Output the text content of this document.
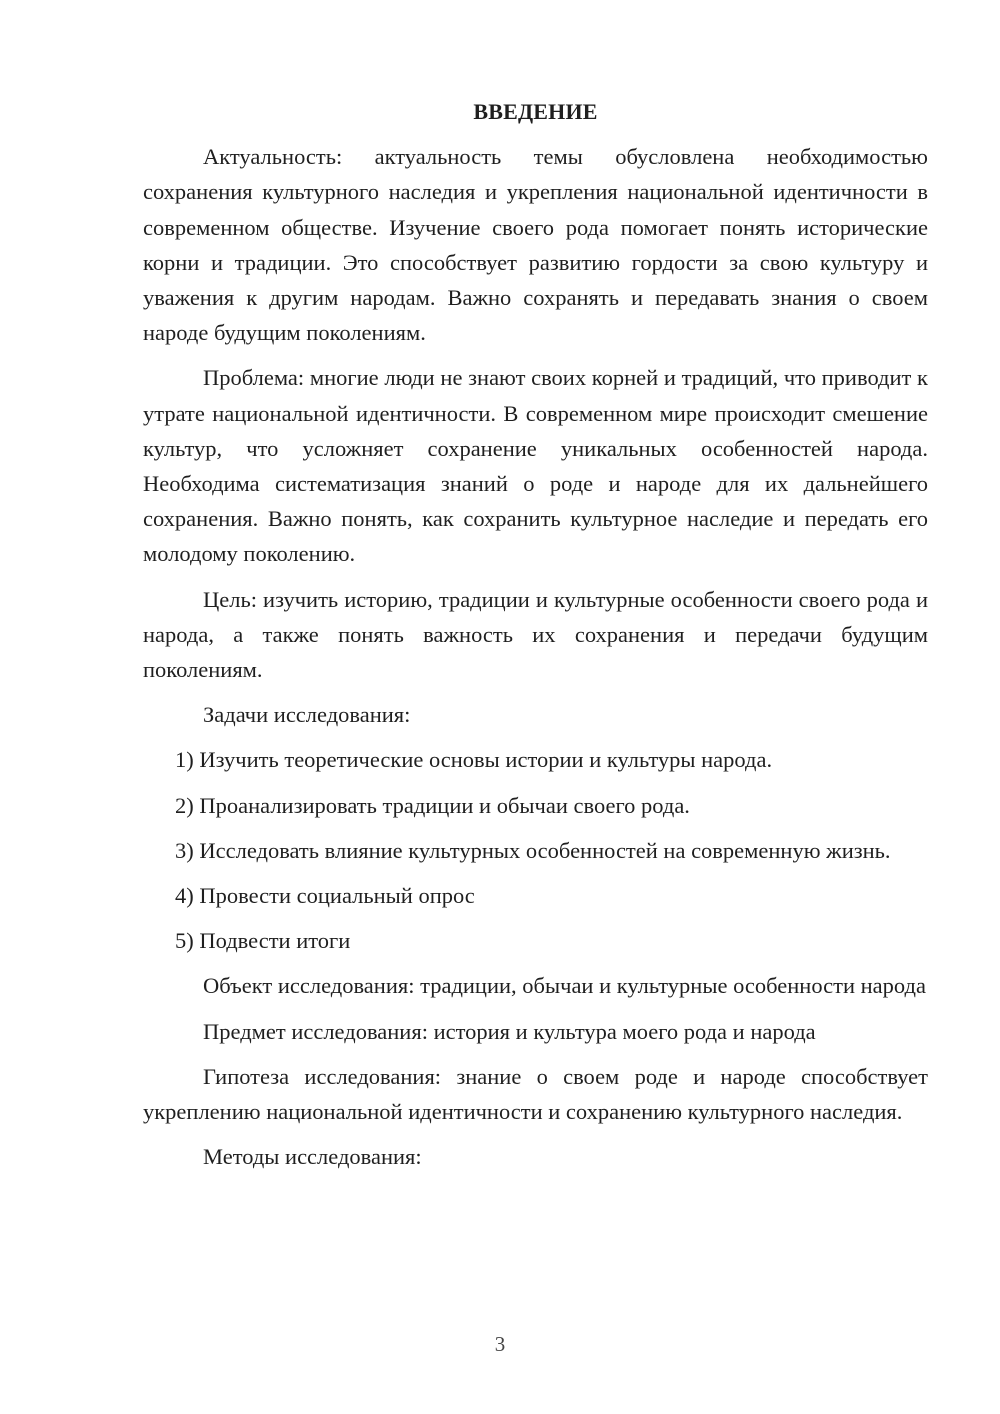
ВВЕДЕНИЕ

Актуальность: актуальность темы обусловлена необходимостью сохранения культурного наследия и укрепления национальной идентичности в современном обществе. Изучение своего рода помогает понять исторические корни и традиции. Это способствует развитию гордости за свою культуру и уважения к другим народам. Важно сохранять и передавать знания о своем народе будущим поколениям.

Проблема: многие люди не знают своих корней и традиций, что приводит к утрате национальной идентичности. В современном мире происходит смешение культур, что усложняет сохранение уникальных особенностей народа. Необходима систематизация знаний о роде и народе для их дальнейшего сохранения. Важно понять, как сохранить культурное наследие и передать его молодому поколению.

Цель: изучить историю, традиции и культурные особенности своего рода и народа, а также понять важность их сохранения и передачи будущим поколениям.

Задачи исследования:

1) Изучить теоретические основы истории и культуры народа.

2) Проанализировать традиции и обычаи своего рода.

3) Исследовать влияние культурных особенностей на современную жизнь.

4) Провести социальный опрос

5) Подвести итоги

Объект исследования: традиции, обычаи и культурные особенности народа

Предмет исследования: история и культура моего рода и народа

Гипотеза исследования: знание о своем роде и народе способствует укреплению национальной идентичности и сохранению культурного наследия.

Методы исследования:

3
